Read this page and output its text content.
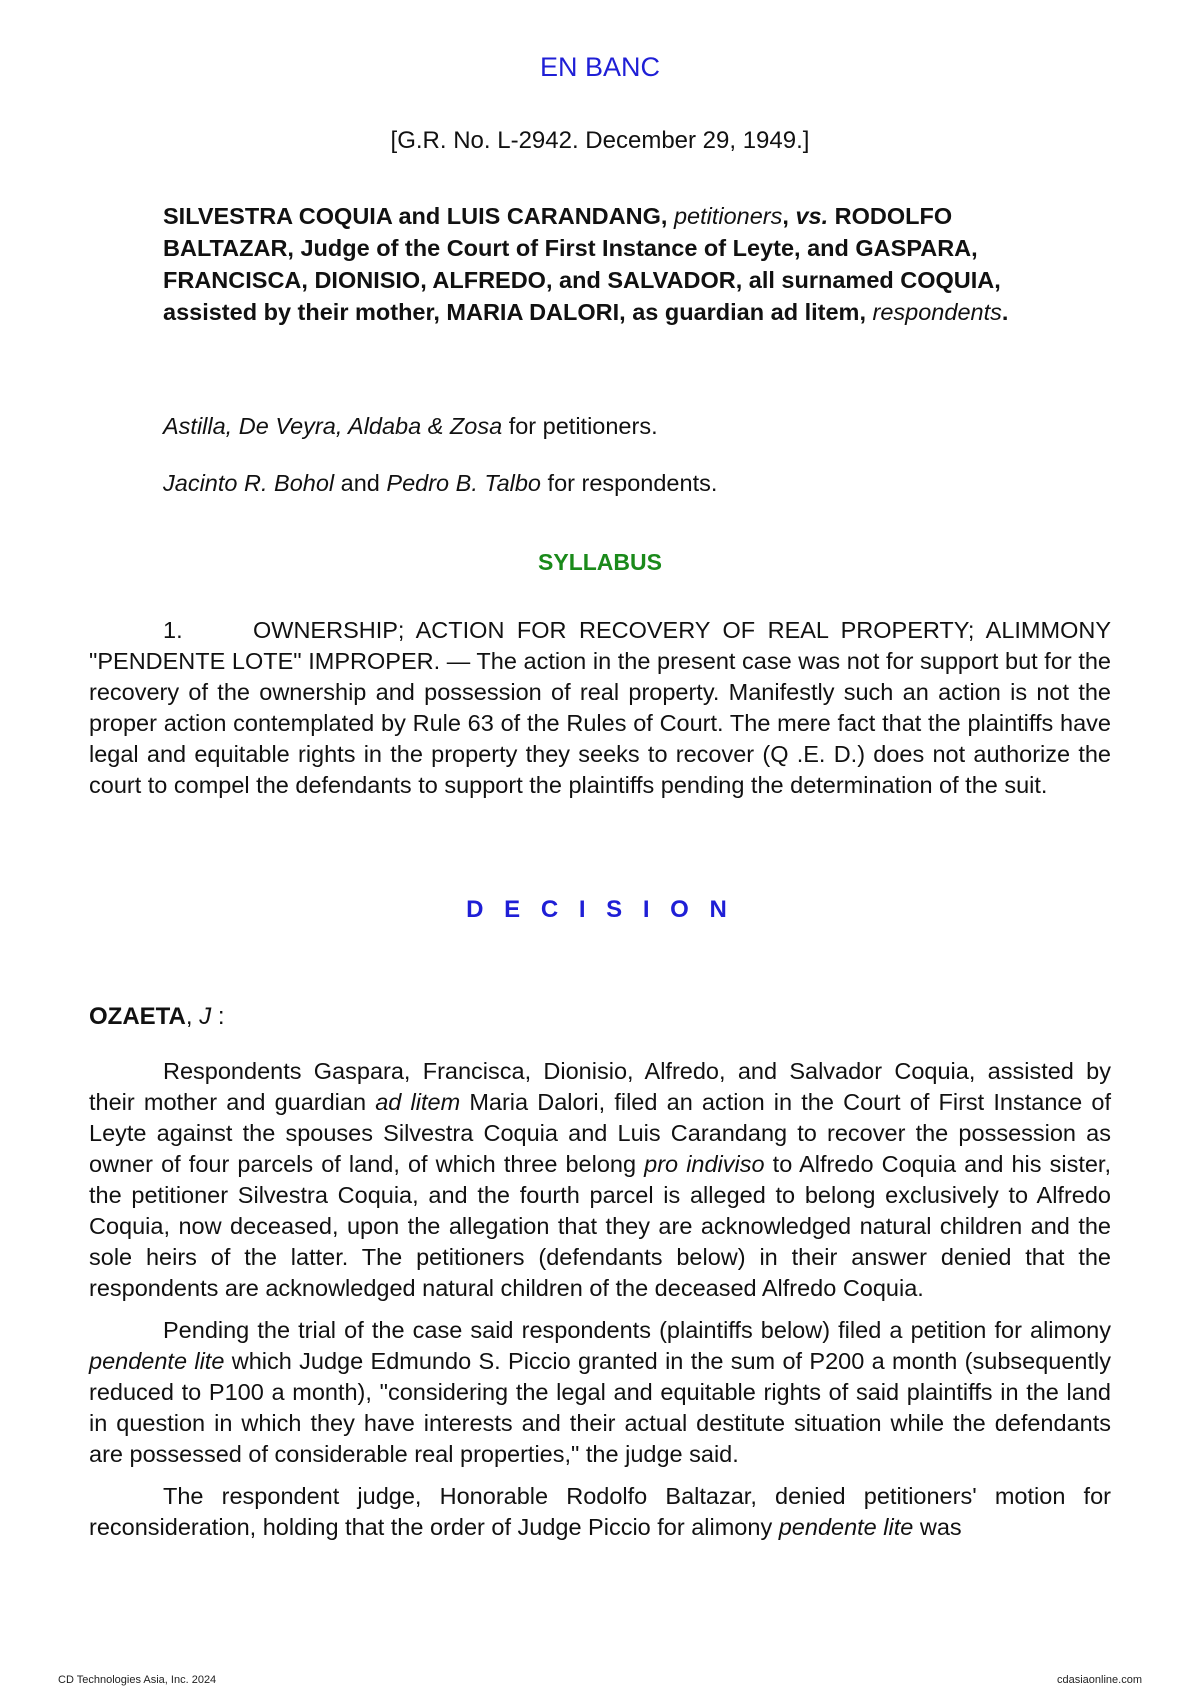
EN BANC
[G.R. No. L-2942. December 29, 1949.]

SILVESTRA COQUIA and LUIS CARANDANG, petitioners, vs. RODOLFO BALTAZAR, Judge of the Court of First Instance of Leyte, and GASPARA, FRANCISCA, DIONISIO, ALFREDO, and SALVADOR, all surnamed COQUIA, assisted by their mother, MARIA DALORI, as guardian ad litem, respondents.

Astilla, De Veyra, Aldaba & Zosa for petitioners.

Jacinto R. Bohol and Pedro B. Talbo for respondents.

SYLLABUS

1.	OWNERSHIP; ACTION FOR RECOVERY OF REAL PROPERTY; ALIMMONY "PENDENTE LOTE" IMPROPER. — The action in the present case was not for support but for the recovery of the ownership and possession of real property. Manifestly such an action is not the proper action contemplated by Rule 63 of the Rules of Court. The mere fact that the plaintiffs have legal and equitable rights in the property they seeks to recover (Q .E. D.) does not authorize the court to compel the defendants to support the plaintiffs pending the determination of the suit.

D E C I S I O N

OZAETA, J :

Respondents Gaspara, Francisca, Dionisio, Alfredo, and Salvador Coquia, assisted by their mother and guardian ad litem Maria Dalori, filed an action in the Court of First Instance of Leyte against the spouses Silvestra Coquia and Luis Carandang to recover the possession as owner of four parcels of land, of which three belong pro indiviso to Alfredo Coquia and his sister, the petitioner Silvestra Coquia, and the fourth parcel is alleged to belong exclusively to Alfredo Coquia, now deceased, upon the allegation that they are acknowledged natural children and the sole heirs of the latter. The petitioners (defendants below) in their answer denied that the respondents are acknowledged natural children of the deceased Alfredo Coquia.

Pending the trial of the case said respondents (plaintiffs below) filed a petition for alimony pendente lite which Judge Edmundo S. Piccio granted in the sum of P200 a month (subsequently reduced to P100 a month), "considering the legal and equitable rights of said plaintiffs in the land in question in which they have interests and their actual destitute situation while the defendants are possessed of considerable real properties," the judge said.

The respondent judge, Honorable Rodolfo Baltazar, denied petitioners' motion for reconsideration, holding that the order of Judge Piccio for alimony pendente lite was

CD Technologies Asia, Inc. 2024	cdasiaonline.com
